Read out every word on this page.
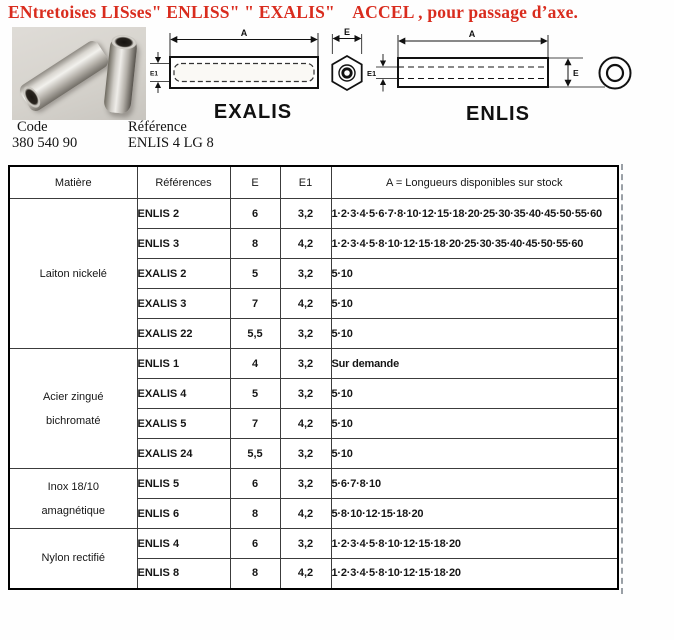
ENtretoises LISses" ENLISS" " EXALIS"    ACCEL , pour passage d’axe.
A
E1
E
EXALIS
A
E1	E
ENLIS
Code
380 540 90
Référence
ENLIS 4 LG 8
Matière	Références	E	E1	A = Longueurs disponibles sur stock

Laiton nickelé	ENLIS 2	6	3,2	1·2·3·4·5·6·7·8·10·12·15·18·20·25·30·35·40·45·50·55·60
	ENLIS 3	8	4,2	1·2·3·4·5·8·10·12·15·18·20·25·30·35·40·45·50·55·60
	EXALIS 2	5	3,2	5·10
	EXALIS 3	7	4,2	5·10
	EXALIS 22	5,5	3,2	5·10

Acier zingué
bichromaté	ENLIS 1	4	3,2	Sur demande
	EXALIS 4	5	3,2	5·10
	EXALIS 5	7	4,2	5·10
	EXALIS 24	5,5	3,2	5·10

Inox 18/10
amagnétique	ENLIS 5	6	3,2	5·6·7·8·10
	ENLIS 6	8	4,2	5·8·10·12·15·18·20

Nylon rectifié	ENLIS 4	6	3,2	1·2·3·4·5·8·10·12·15·18·20
	ENLIS 8	8	4,2	1·2·3·4·5·8·10·12·15·18·20
